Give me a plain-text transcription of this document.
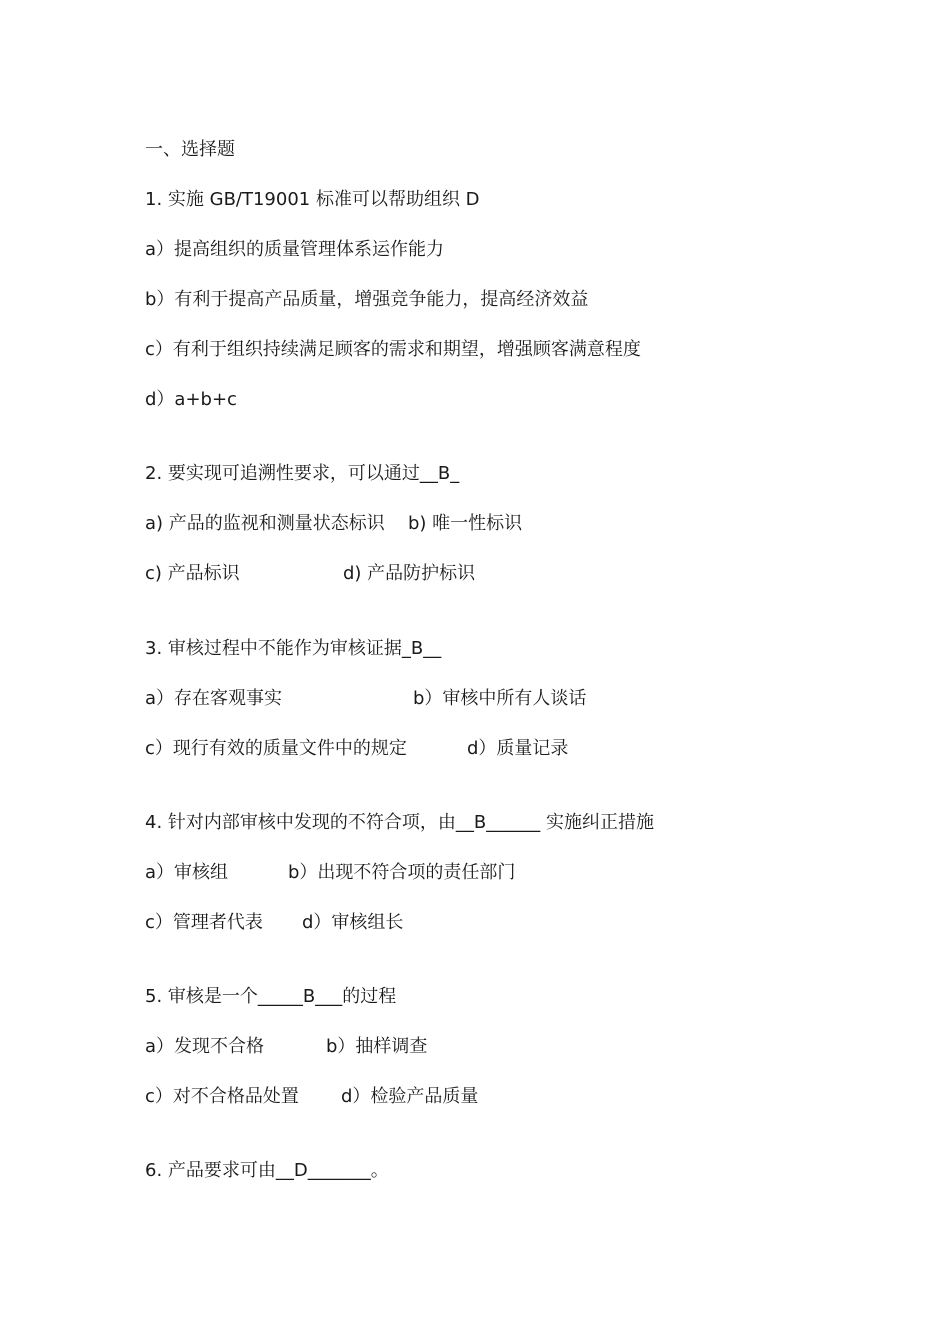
一、选择题
1. 实施 GB/T19001 标准可以帮助组织 D
a）提高组织的质量管理体系运作能力
b）有利于提高产品质量，增强竞争能力，提高经济效益
c）有利于组织持续满足顾客的需求和期望，增强顾客满意程度
d）a+b+c
2. 要实现可追溯性要求，可以通过__B_

a) 产品的监视和测量状态标识

b) 唯一性标识

c) 产品标识

	d) 产品防护标识

3. 审核过程中不能作为审核证据_B__

a）存在客观事实

	b）审核中所有人谈话

c）现行有效的质量文件中的规定

	d）质量记录

4. 针对内部审核中发现的不符合项，由__B______ 实施纠正措施

a）审核组

	b）出现不符合项的责任部门

c）管理者代表

d）审核组长

5. 审核是一个_____B___的过程

a）发现不合格

	b）抽样调查

c）对不合格品处置

d）检验产品质量

6. 产品要求可由__D_______。
